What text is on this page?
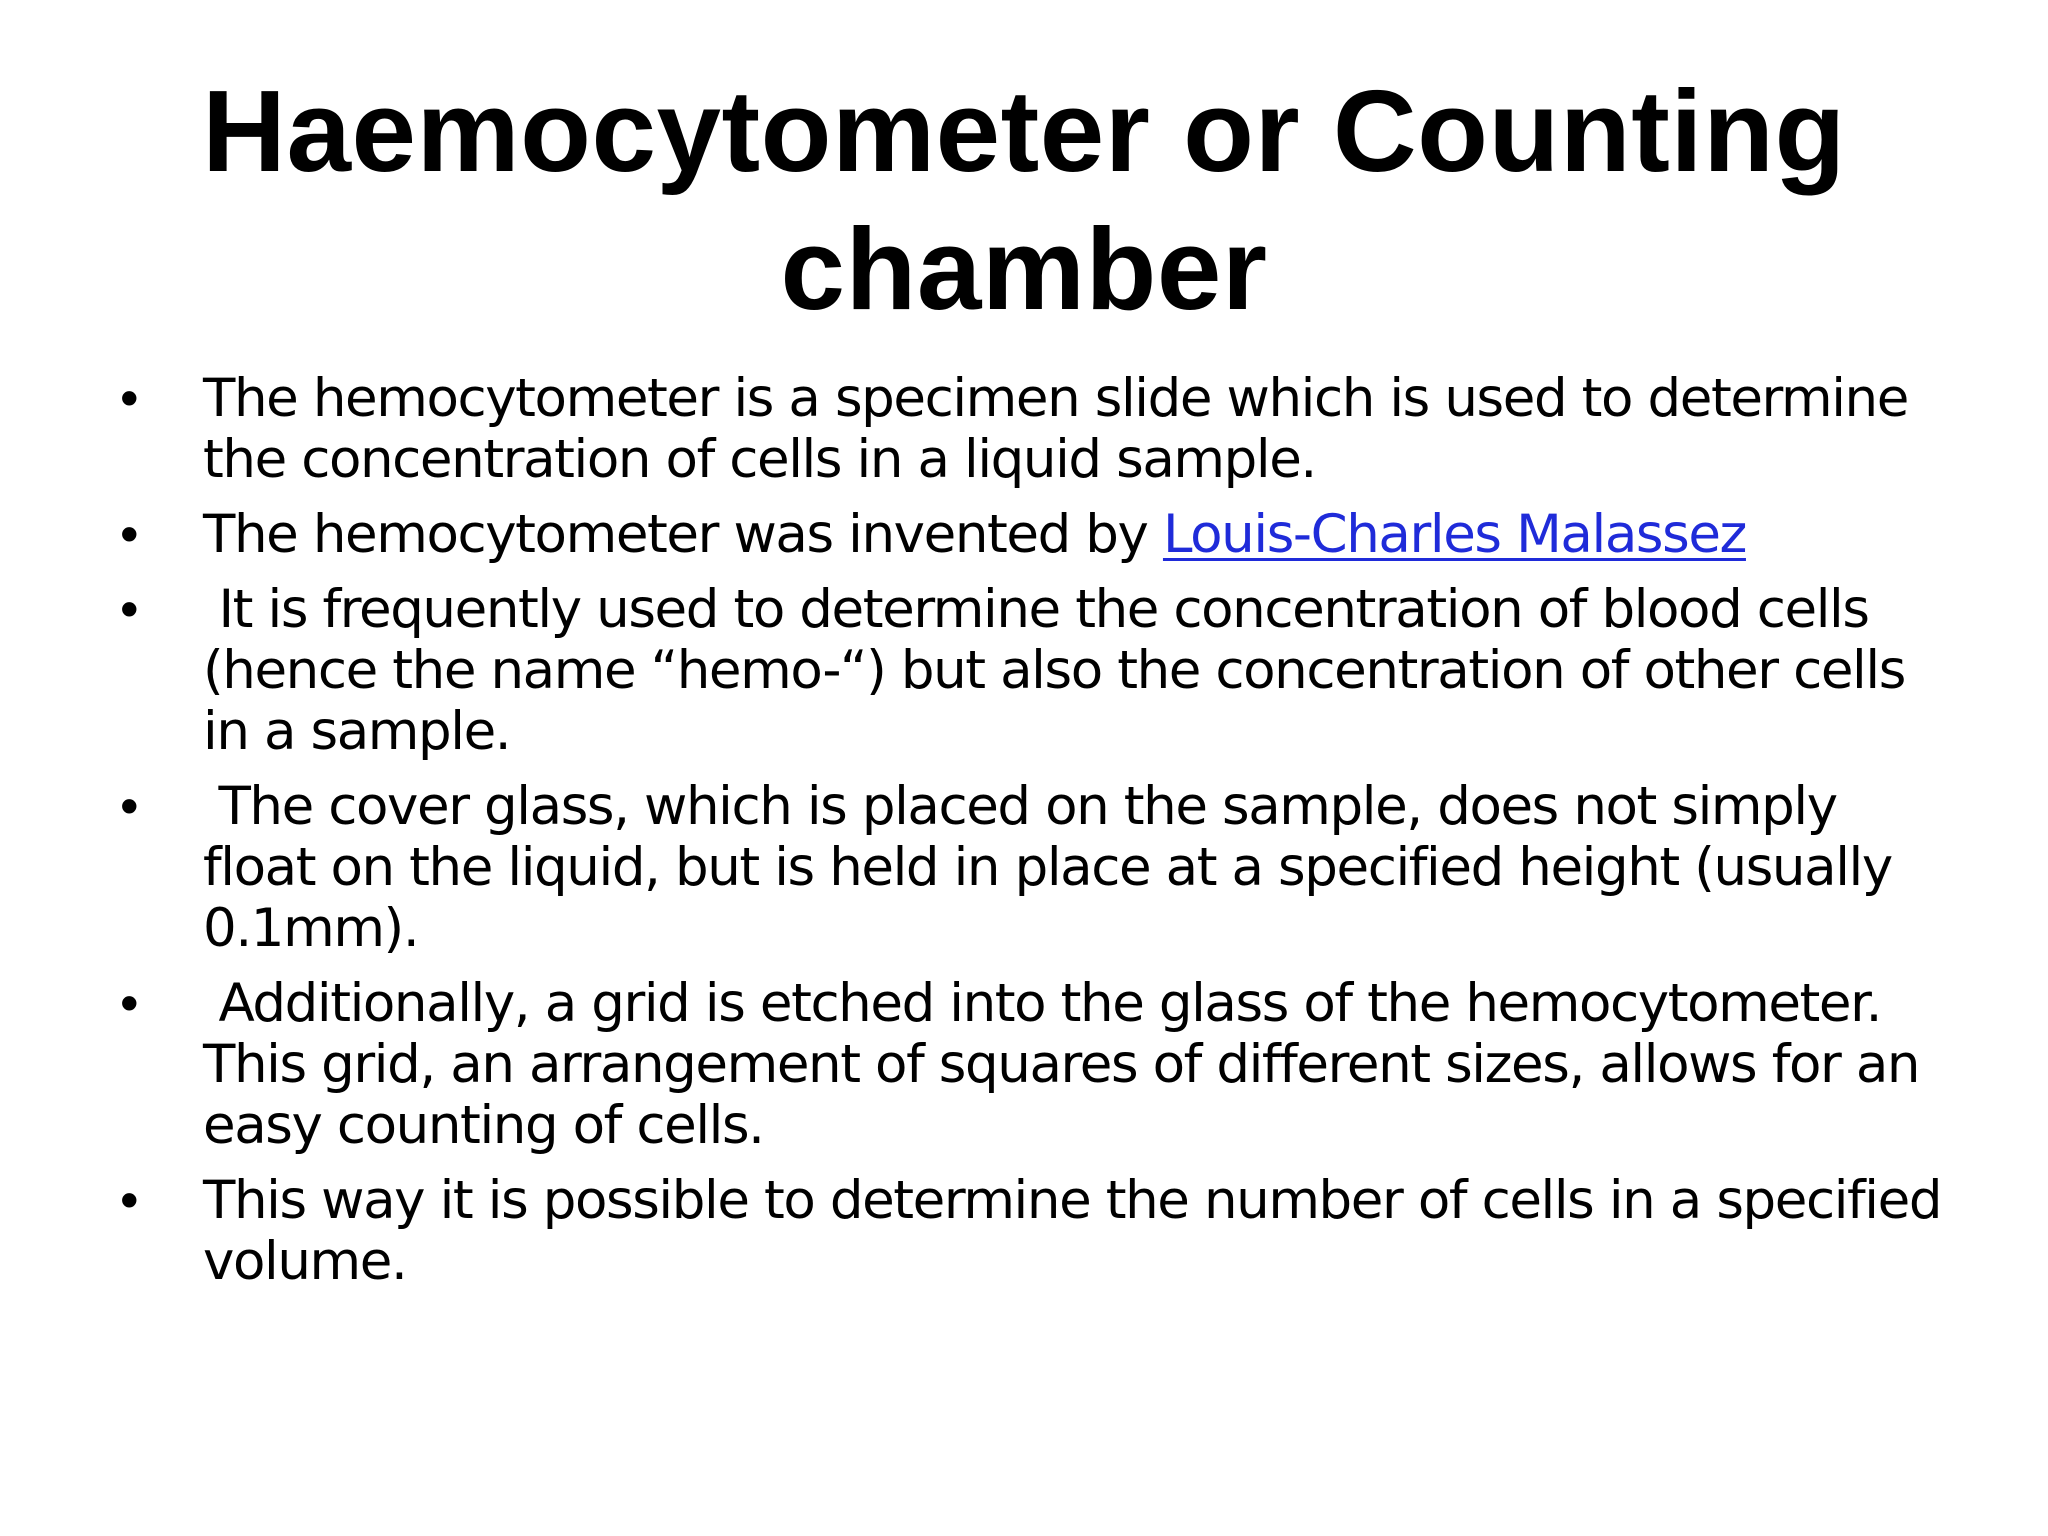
Haemocytometer or Counting chamber
•	The hemocytometer is a specimen slide which is used to determine the concentration of cells in a liquid sample.
•	The hemocytometer was invented by Louis-Charles Malassez
•	It is frequently used to determine the concentration of blood cells (hence the name “hemo-“) but also the concentration of other cells in a sample.
•	The cover glass, which is placed on the sample, does not simply float on the liquid, but is held in place at a specified height (usually 0.1mm).
•	Additionally, a grid is etched into the glass of the hemocytometer. This grid, an arrangement of squares of different sizes, allows for an easy counting of cells.
•	This way it is possible to determine the number of cells in a specified volume.
